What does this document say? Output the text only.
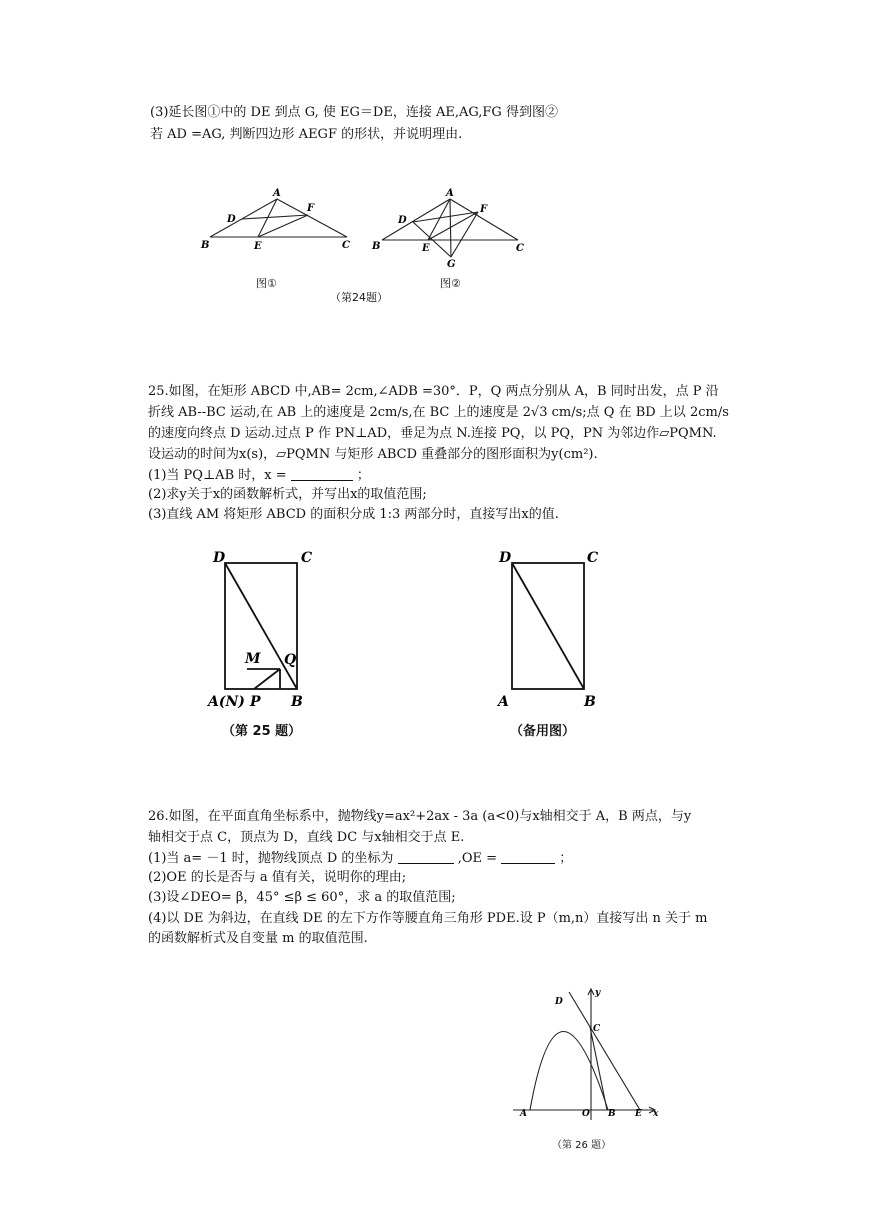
(3)延长图①中的 DE 到点 G, 使 EG＝DE，连接 AE,AG,FG 得到图②
若 AD =AG, 判断四边形 AEGF 的形状，并说明理由.
A
B	C
D
E
F
A
B	C
D
E
F
G
图①	图②
（第24题）
25.如图，在矩形 ABCD 中,AB= 2cm,∠ADB =30°．P，Q 两点分别从 A，B 同时出发，点 P 沿
折线 AB--BC 运动,在 AB 上的速度是 2cm/s,在 BC 上的速度是 2√3 cm/s;点 Q 在 BD 上以 2cm/s
的速度向终点 D 运动.过点 P 作 PN⊥AD，垂足为点 N.连接 PQ，以 PQ，PN 为邻边作▱PQMN.
设运动的时间为x(s)，▱PQMN 与矩形 ABCD 重叠部分的图形面积为y(cm²).
(1)当 PQ⊥AB 时，x =	；
(2)求y关于x的函数解析式，并写出x的取值范围;
(3)直线 AM 将矩形 ABCD 的面积分成 1:3 两部分时，直接写出x的值.
D	C
M Q
A(N) P B
D	C
A	B
（第 25 题）	（备用图）
26.如图，在平面直角坐标系中，抛物线y=ax²+2ax - 3a (a<0)与x轴相交于 A，B 两点，与y
轴相交于点 C，顶点为 D，直线 DC 与x轴相交于点 E.
(1)当 a= －1 时，抛物线顶点 D 的坐标为	,OE =	；
(2)OE 的长是否与 a 值有关，说明你的理由;
(3)设∠DEO= β，45° ≤β ≤ 60°，求 a 的取值范围;
(4)以 DE 为斜边，在直线 DE 的左下方作等腰直角三角形 PDE.设 P（m,n）直接写出 n 关于 m
的函数解析式及自变量 m 的取值范围.
D
y
C
A	O B E x
（第 26 题）
